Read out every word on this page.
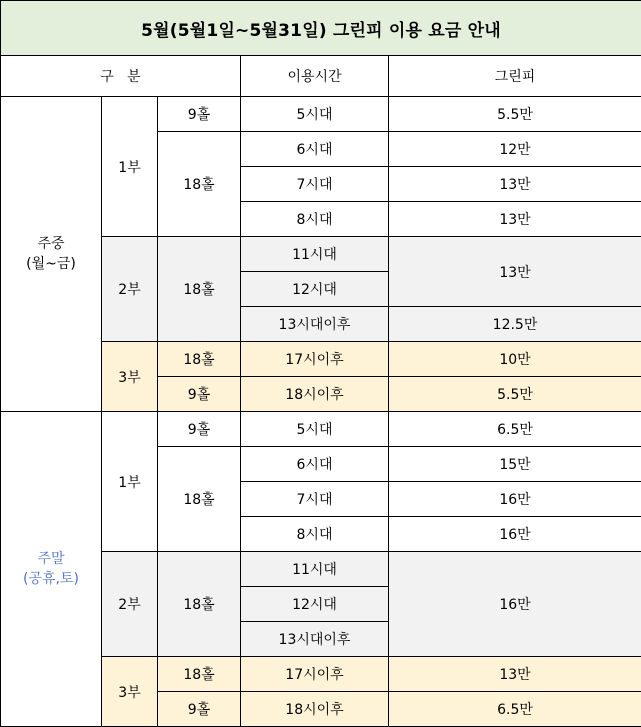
5월(5월1일~5월31일) 그린피 이용 요금 안내				
구   분			이용시간	그린피

주중
(월~금)	1부	9홀	5시대	5.5만
		18홀	6시대	12만
			7시대	13만
			8시대	13만
	2부	18홀	11시대	13만
			12시대	
			13시대이후	12.5만
	3부	18홀	17시이후	10만
		9홀	18시이후	5.5만

주말
(공휴,토)	1부	9홀	5시대	6.5만
		18홀	6시대	15만
			7시대	16만
			8시대	16만
	2부	18홀	11시대	16만
			12시대	
			13시대이후	
	3부	18홀	17시이후	13만
		9홀	18시이후	6.5만
